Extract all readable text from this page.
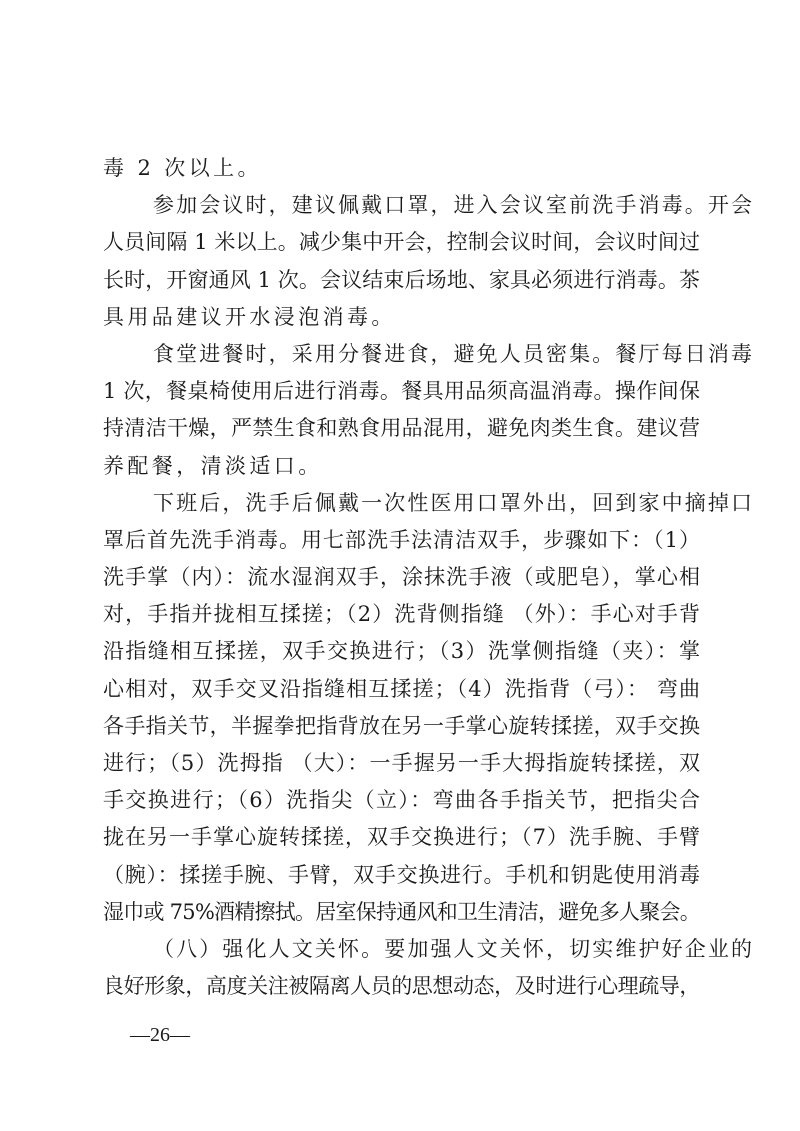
毒 2 次以上。
参加会议时，建议佩戴口罩，进入会议室前洗手消毒。开会
人员间隔 1 米以上。减少集中开会，控制会议时间，会议时间过
长时，开窗通风 1 次。会议结束后场地、家具必须进行消毒。茶
具用品建议开水浸泡消毒。
食堂进餐时，采用分餐进食，避免人员密集。餐厅每日消毒
1 次，餐桌椅使用后进行消毒。餐具用品须高温消毒。操作间保
持清洁干燥，严禁生食和熟食用品混用，避免肉类生食。建议营
养配餐，清淡适口。
下班后，洗手后佩戴一次性医用口罩外出，回到家中摘掉口
罩后首先洗手消毒。用七部洗手法清洁双手，步骤如下：（1）
洗手掌（内）：流水湿润双手，涂抹洗手液（或肥皂），掌心相
对，手指并拢相互揉搓；（2）洗背侧指缝 （外）：手心对手背
沿指缝相互揉搓，双手交换进行；（3）洗掌侧指缝（夹）：掌
心相对，双手交叉沿指缝相互揉搓；（4）洗指背（弓）： 弯曲
各手指关节，半握拳把指背放在另一手掌心旋转揉搓，双手交换
进行；（5）洗拇指 （大）：一手握另一手大拇指旋转揉搓，双
手交换进行；（6）洗指尖（立）：弯曲各手指关节，把指尖合
拢在另一手掌心旋转揉搓，双手交换进行；（7）洗手腕、手臂
（腕）：揉搓手腕、手臂，双手交换进行。手机和钥匙使用消毒
湿巾或 75%酒精擦拭。居室保持通风和卫生清洁，避免多人聚会。
（八）强化人文关怀。要加强人文关怀，切实维护好企业的
良好形象，高度关注被隔离人员的思想动态，及时进行心理疏导，
—26—
